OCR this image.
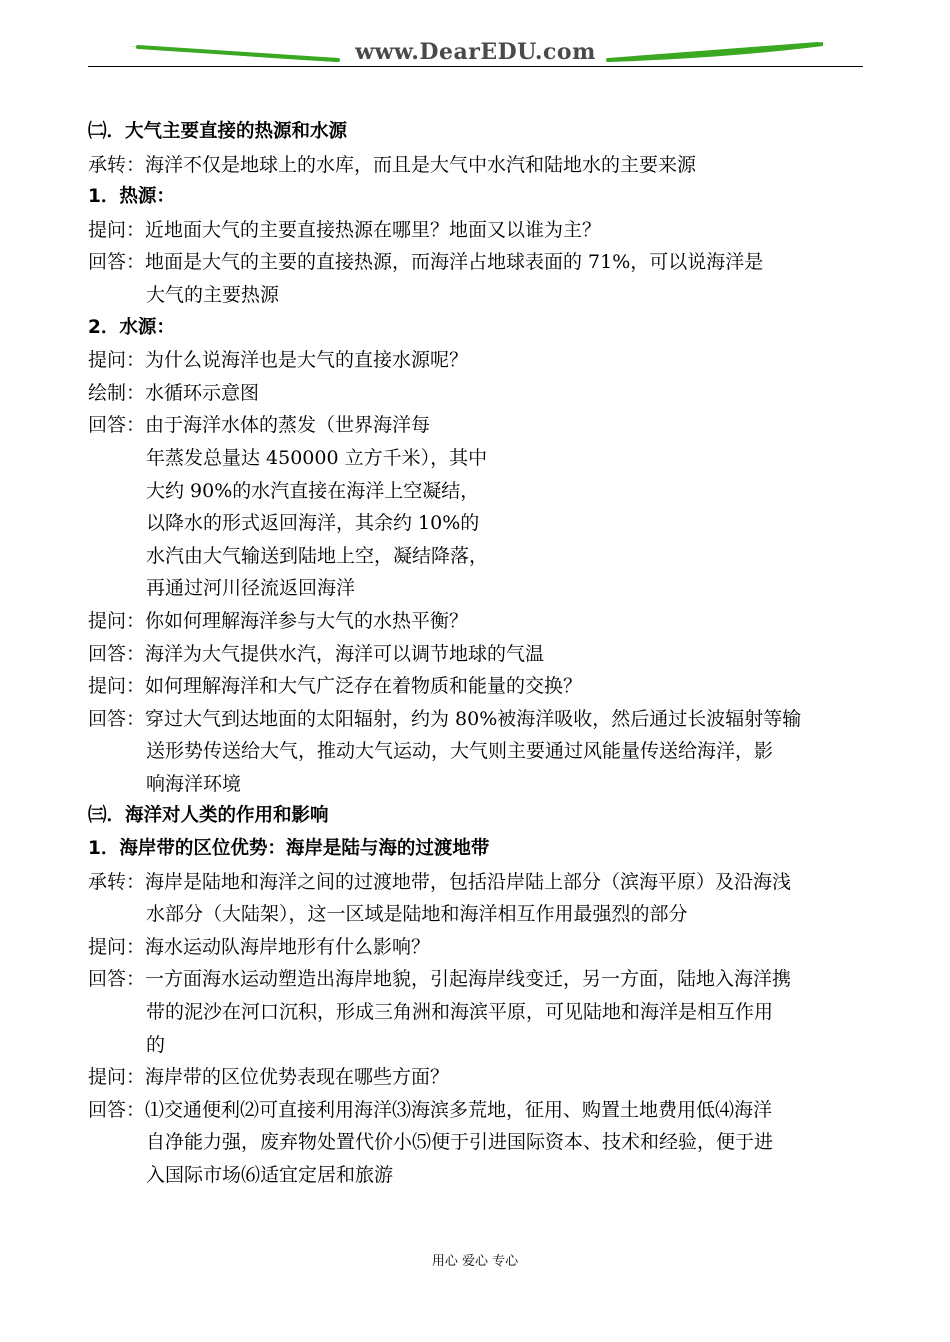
www.DearEDU.com
㈡．大气主要直接的热源和水源
承转：海洋不仅是地球上的水库，而且是大气中水汽和陆地水的主要来源
1．热源：
提问：近地面大气的主要直接热源在哪里？地面又以谁为主？
回答：地面是大气的主要的直接热源，而海洋占地球表面的 71%，可以说海洋是
大气的主要热源
2．水源：
提问：为什么说海洋也是大气的直接水源呢？
绘制：水循环示意图
回答：由于海洋水体的蒸发（世界海洋每
年蒸发总量达 450000 立方千米），其中
大约 90%的水汽直接在海洋上空凝结，
以降水的形式返回海洋，其余约 10%的
水汽由大气输送到陆地上空，凝结降落，
再通过河川径流返回海洋
提问：你如何理解海洋参与大气的水热平衡？
回答：海洋为大气提供水汽，海洋可以调节地球的气温
提问：如何理解海洋和大气广泛存在着物质和能量的交换？
回答：穿过大气到达地面的太阳辐射，约为 80%被海洋吸收，然后通过长波辐射等输
送形势传送给大气，推动大气运动，大气则主要通过风能量传送给海洋，影
响海洋环境
㈢．海洋对人类的作用和影响
1．海岸带的区位优势：海岸是陆与海的过渡地带
承转：海岸是陆地和海洋之间的过渡地带，包括沿岸陆上部分（滨海平原）及沿海浅
水部分（大陆架），这一区域是陆地和海洋相互作用最强烈的部分
提问：海水运动队海岸地形有什么影响？
回答：一方面海水运动塑造出海岸地貌，引起海岸线变迁，另一方面，陆地入海洋携
带的泥沙在河口沉积，形成三角洲和海滨平原，可见陆地和海洋是相互作用
的
提问：海岸带的区位优势表现在哪些方面？
回答：⑴交通便利⑵可直接利用海洋⑶海滨多荒地，征用、购置土地费用低⑷海洋
自净能力强，废弃物处置代价小⑸便于引进国际资本、技术和经验，便于进
入国际市场⑹适宜定居和旅游
用心 爱心 专心
